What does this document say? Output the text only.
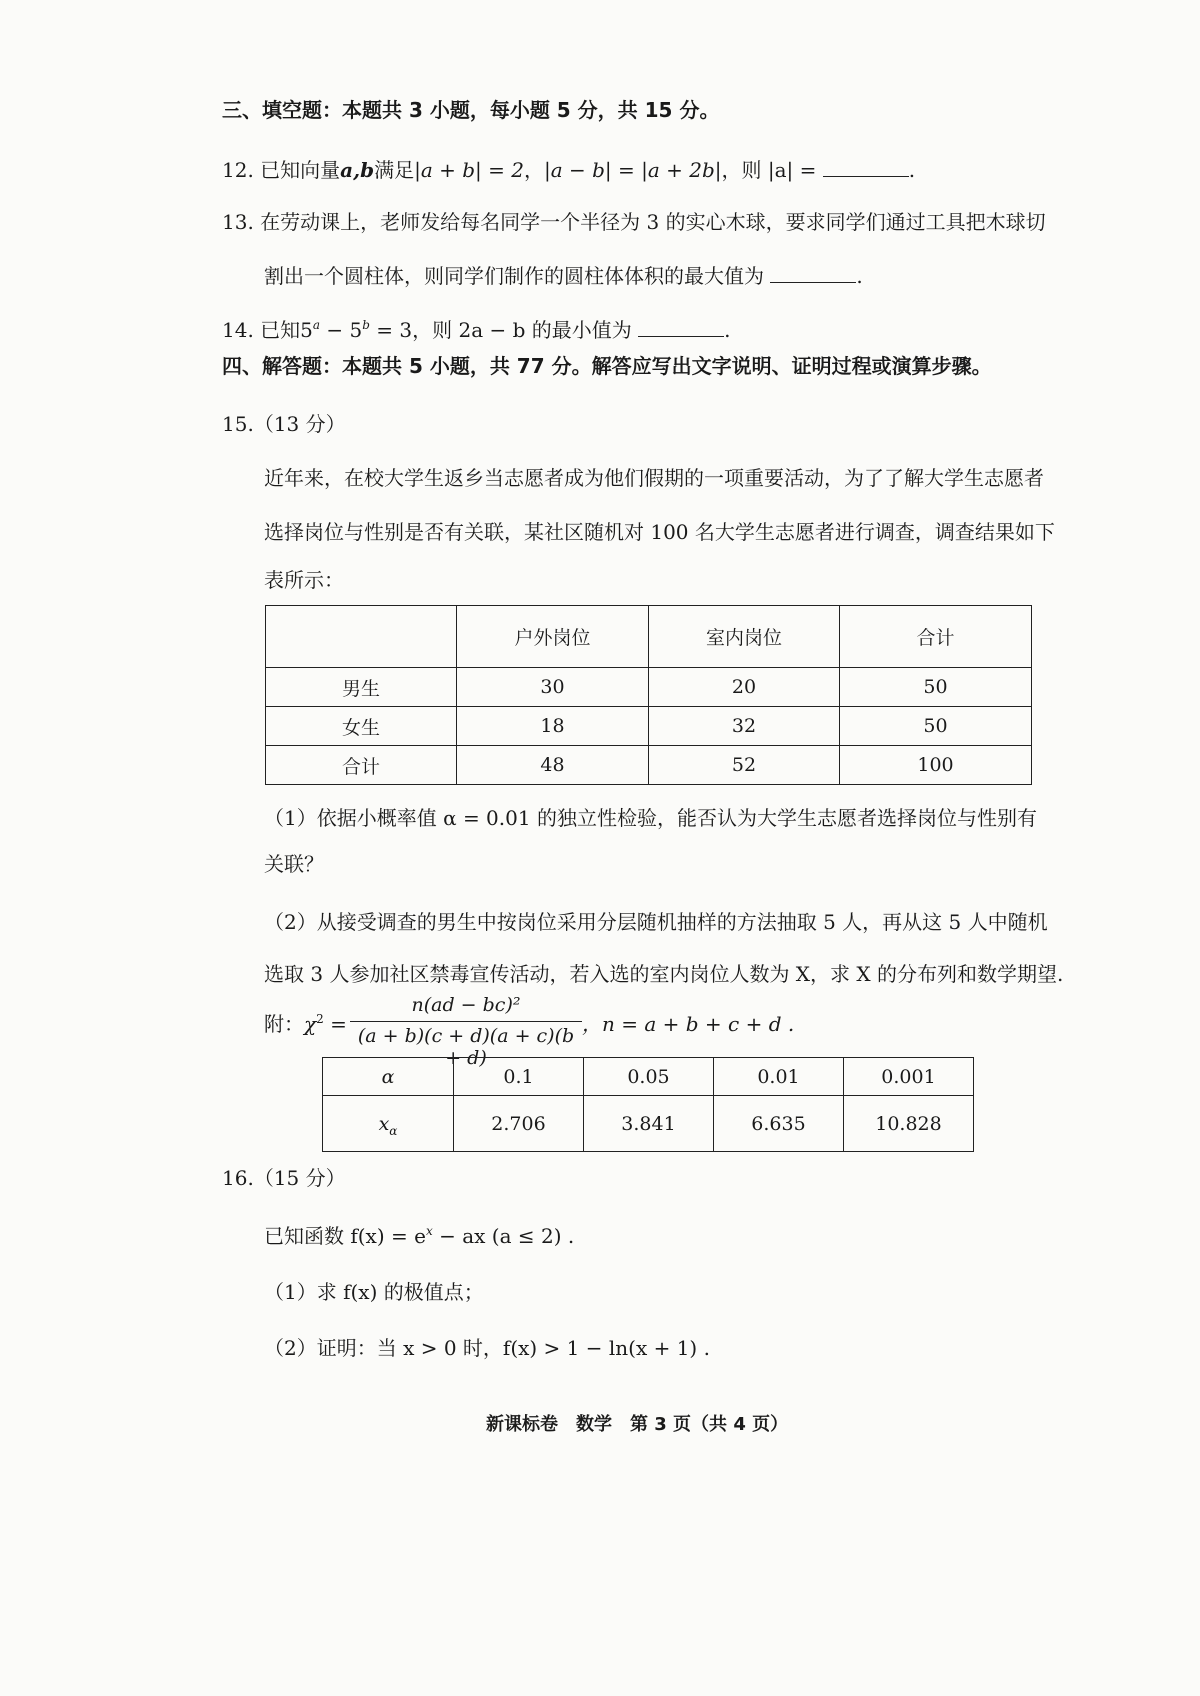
三、填空题：本题共 3 小题，每小题 5 分，共 15 分。
12. 已知向量a,b满足|a + b| = 2，|a − b| = |a + 2b|，则 |a| =	.
13. 在劳动课上，老师发给每名同学一个半径为 3 的实心木球，要求同学们通过工具把木球切
割出一个圆柱体，则同学们制作的圆柱体体积的最大值为	.
14. 已知$5^a - 5^b = 3$，则 2a − b 的最小值为	.
四、解答题：本题共 5 小题，共 77 分。解答应写出文字说明、证明过程或演算步骤。
15.（13 分）
近年来，在校大学生返乡当志愿者成为他们假期的一项重要活动，为了了解大学生志愿者
选择岗位与性别是否有关联，某社区随机对 100 名大学生志愿者进行调查，调查结果如下
表所示：
	户外岗位	室内岗位	合计
男生	30	20	50
女生	18	32	50
合计	48	52	100
（1）依据小概率值 α = 0.01 的独立性检验，能否认为大学生志愿者选择岗位与性别有
关联？
（2）从接受调查的男生中按岗位采用分层随机抽样的方法抽取 5 人，再从这 5 人中随机
选取 3 人参加社区禁毒宣传活动，若入选的室内岗位人数为 X，求 X 的分布列和数学期望.
附：$\chi^2$ =
n(ad − bc)²
(a + b)(c + d)(a + c)(b + d)
，n = a + b + c + d .
α	0.1	0.05	0.01	0.001
$x_\alpha$	2.706	3.841	6.635	10.828
16.（15 分）
已知函数 $f(x) = e^x$ − ax (a ≤ 2) .
（1）求 f(x) 的极值点；
（2）证明：当 x > 0 时，f(x) > 1 − ln(x + 1) .
新课标卷　数学　第 3 页（共 4 页）
